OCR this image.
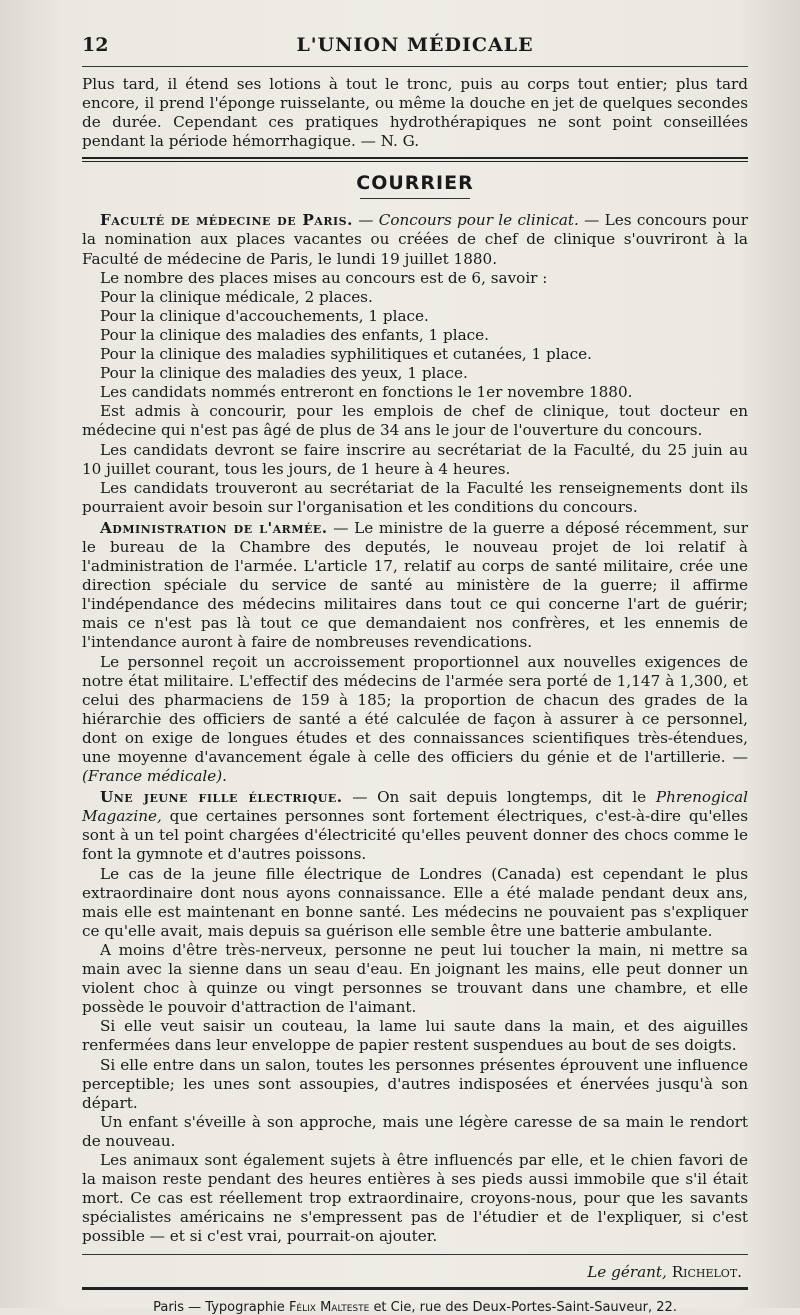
12	L'UNION MÉDICALE

Plus tard, il étend ses lotions à tout le tronc, puis au corps tout entier; plus tard encore, il prend l'éponge ruisselante, ou même la douche en jet de quelques secondes de durée. Cependant ces pratiques hydrothérapiques ne sont point conseillées pendant la période hémorrhagique. — N. G.

COURRIER

Faculté de médecine de Paris. — Concours pour le clinicat. — Les concours pour la nomination aux places vacantes ou créées de chef de clinique s'ouvriront à la Faculté de médecine de Paris, le lundi 19 juillet 1880.

Le nombre des places mises au concours est de 6, savoir :

Pour la clinique médicale, 2 places.

Pour la clinique d'accouchements, 1 place.

Pour la clinique des maladies des enfants, 1 place.

Pour la clinique des maladies syphilitiques et cutanées, 1 place.

Pour la clinique des maladies des yeux, 1 place.

Les candidats nommés entreront en fonctions le 1er novembre 1880.

Est admis à concourir, pour les emplois de chef de clinique, tout docteur en médecine qui n'est pas âgé de plus de 34 ans le jour de l'ouverture du concours.

Les candidats devront se faire inscrire au secrétariat de la Faculté, du 25 juin au 10 juillet courant, tous les jours, de 1 heure à 4 heures.

Les candidats trouveront au secrétariat de la Faculté les renseignements dont ils pourraient avoir besoin sur l'organisation et les conditions du concours.

Administration de l'armée. — Le ministre de la guerre a déposé récemment, sur le bureau de la Chambre des deputés, le nouveau projet de loi relatif à l'administration de l'armée. L'article 17, relatif au corps de santé militaire, crée une direction spéciale du service de santé au ministère de la guerre; il affirme l'indépendance des médecins militaires dans tout ce qui concerne l'art de guérir; mais ce n'est pas là tout ce que demandaient nos confrères, et les ennemis de l'intendance auront à faire de nombreuses revendications.

Le personnel reçoit un accroissement proportionnel aux nouvelles exigences de notre état militaire. L'effectif des médecins de l'armée sera porté de 1,147 à 1,300, et celui des pharmaciens de 159 à 185; la proportion de chacun des grades de la hiérarchie des officiers de santé a été calculée de façon à assurer à ce personnel, dont on exige de longues études et des connaissances scientifiques très-étendues, une moyenne d'avancement égale à celle des officiers du génie et de l'artillerie. — (France médicale).

Une jeune fille électrique. — On sait depuis longtemps, dit le Phrenogical Magazine, que certaines personnes sont fortement électriques, c'est-à-dire qu'elles sont à un tel point chargées d'électricité qu'elles peuvent donner des chocs comme le font la gymnote et d'autres poissons.

Le cas de la jeune fille électrique de Londres (Canada) est cependant le plus extraordinaire dont nous ayons connaissance. Elle a été malade pendant deux ans, mais elle est maintenant en bonne santé. Les médecins ne pouvaient pas s'expliquer ce qu'elle avait, mais depuis sa guérison elle semble être une batterie ambulante.

A moins d'être très-nerveux, personne ne peut lui toucher la main, ni mettre sa main avec la sienne dans un seau d'eau. En joignant les mains, elle peut donner un violent choc à quinze ou vingt personnes se trouvant dans une chambre, et elle possède le pouvoir d'attraction de l'aimant.

Si elle veut saisir un couteau, la lame lui saute dans la main, et des aiguilles renfermées dans leur enveloppe de papier restent suspendues au bout de ses doigts.

Si elle entre dans un salon, toutes les personnes présentes éprouvent une influence perceptible; les unes sont assoupies, d'autres indisposées et énervées jusqu'à son départ.

Un enfant s'éveille à son approche, mais une légère caresse de sa main le rendort de nouveau.

Les animaux sont également sujets à être influencés par elle, et le chien favori de la maison reste pendant des heures entières à ses pieds aussi immobile que s'il était mort. Ce cas est réellement trop extraordinaire, croyons-nous, pour que les savants spécialistes américains ne s'empressent pas de l'étudier et de l'expliquer, si c'est possible — et si c'est vrai, pourrait-on ajouter.

Le gérant, Richelot.
Paris — Typographie Félix Malteste et Cie, rue des Deux-Portes-Saint-Sauveur, 22.
